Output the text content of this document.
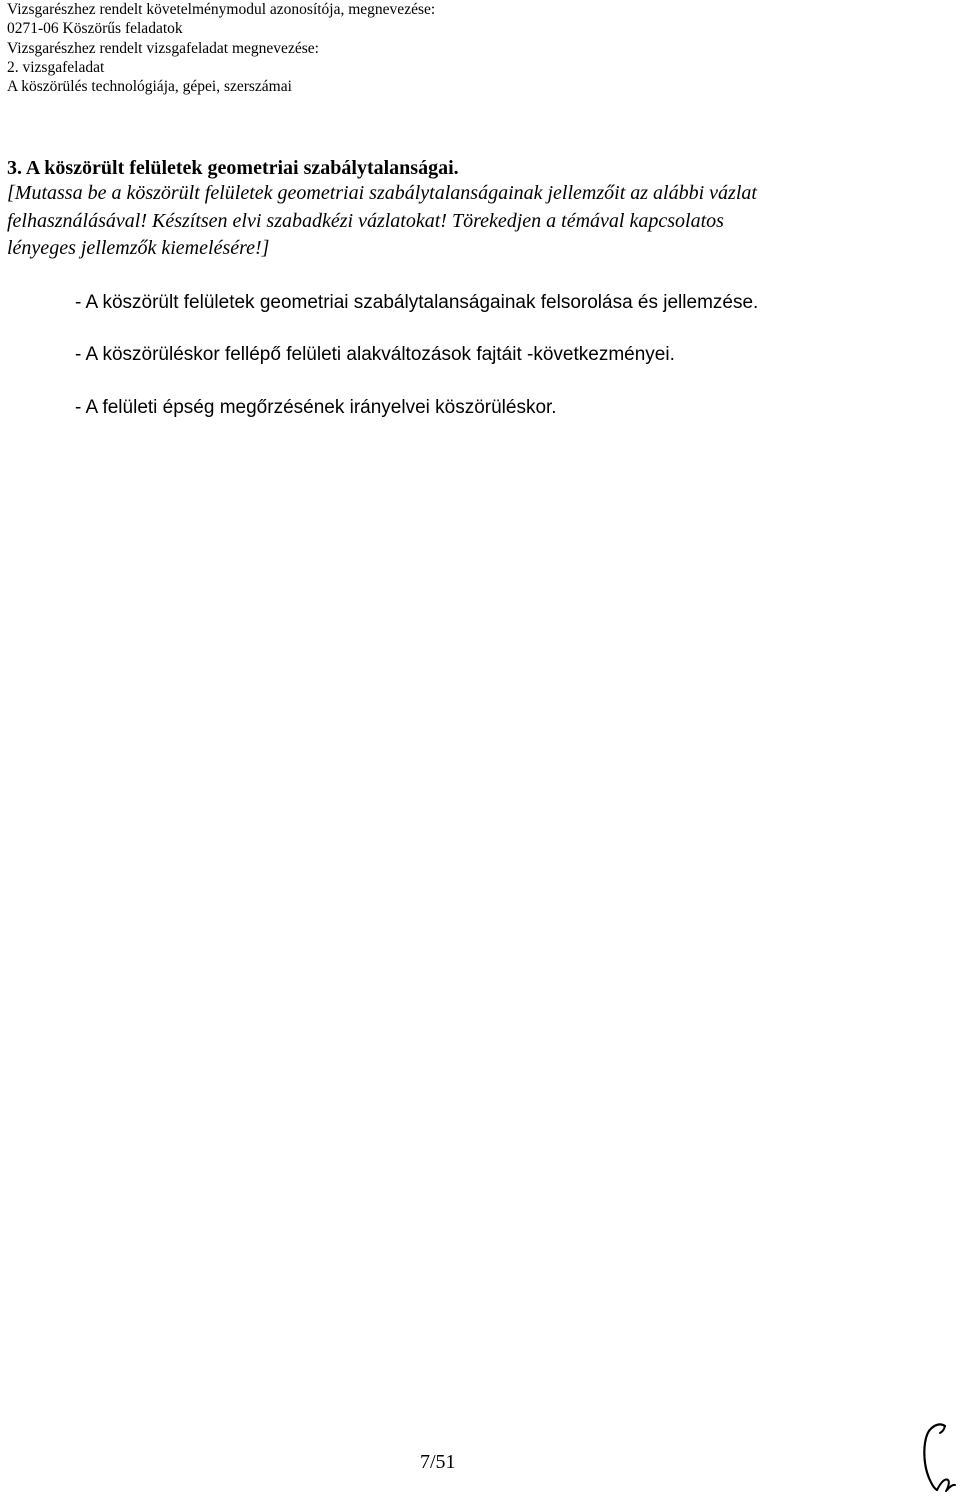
Vizsgarészhez rendelt követelménymodul azonosítója, megnevezése:
0271-06 Köszörűs feladatok
Vizsgarészhez rendelt vizsgafeladat megnevezése:
2. vizsgafeladat
A köszörülés technológiája, gépei, szerszámai
3. A köszörült felületek geometriai szabálytalanságai.
[Mutassa be a köszörült felületek geometriai szabálytalanságainak jellemzőit az alábbi vázlat
felhasználásával! Készítsen elvi szabadkézi vázlatokat! Törekedjen a témával kapcsolatos
lényeges jellemzők kiemelésére!]
- A köszörült felületek geometriai szabálytalanságainak felsorolása és jellemzése.
- A köszörüléskor fellépő felületi alakváltozások fajtáit -következményei.
- A felületi épség megőrzésének irányelvei köszörüléskor.
7/51
